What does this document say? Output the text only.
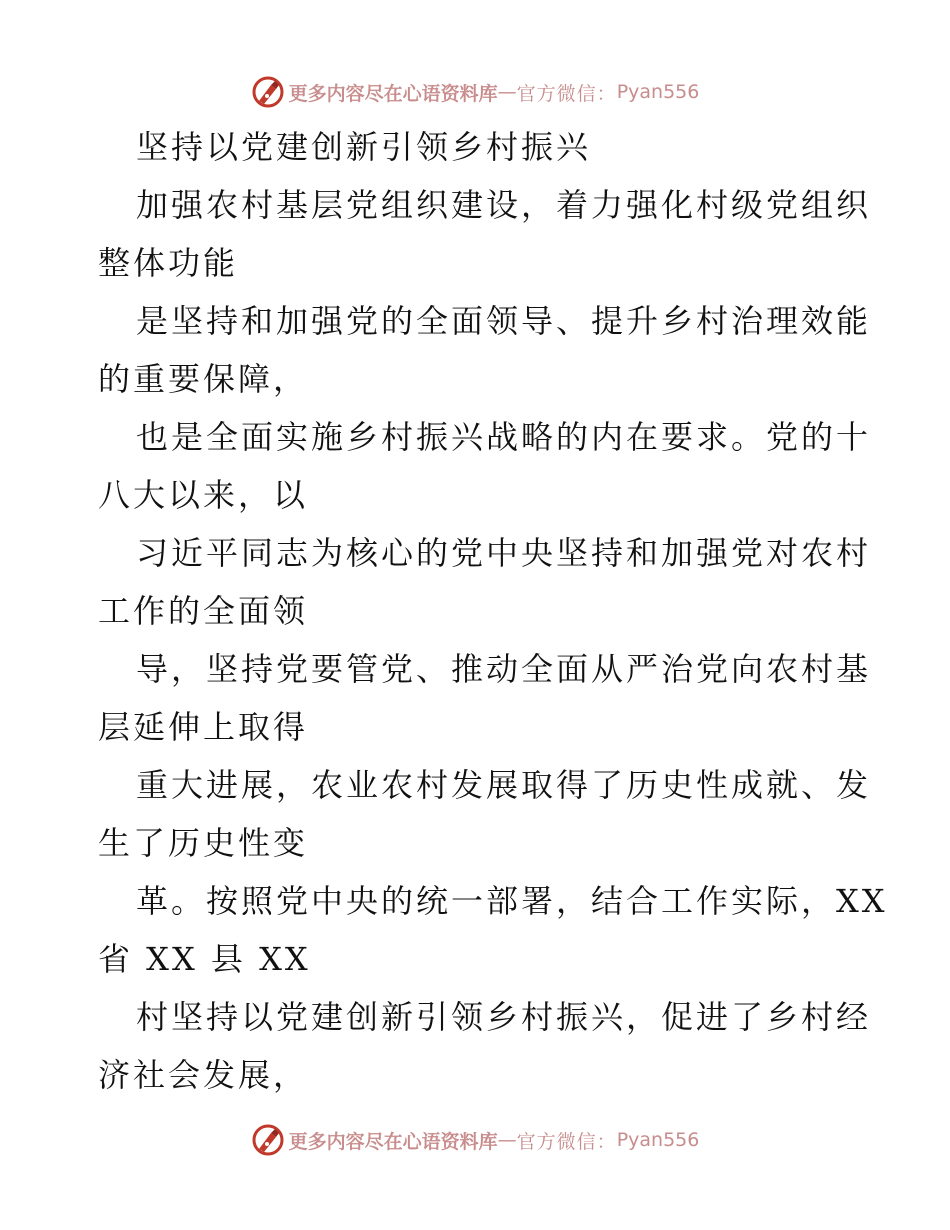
更多内容尽在心语资料库 — 官方微信： Pyan556
坚持以党建创新引领乡村振兴
加强农村基层党组织建设，着力强化村级党组织
整体功能
是坚持和加强党的全面领导、提升乡村治理效能
的重要保障，
也是全面实施乡村振兴战略的内在要求。党的十
八大以来，以
习近平同志为核心的党中央坚持和加强党对农村
工作的全面领
导，坚持党要管党、推动全面从严治党向农村基
层延伸上取得
重大进展，农业农村发展取得了历史性成就、发
生了历史性变
革。按照党中央的统一部署，结合工作实际，XX
省 XX 县 XX
村坚持以党建创新引领乡村振兴，促进了乡村经
济社会发展，
更多内容尽在心语资料库 — 官方微信： Pyan556
